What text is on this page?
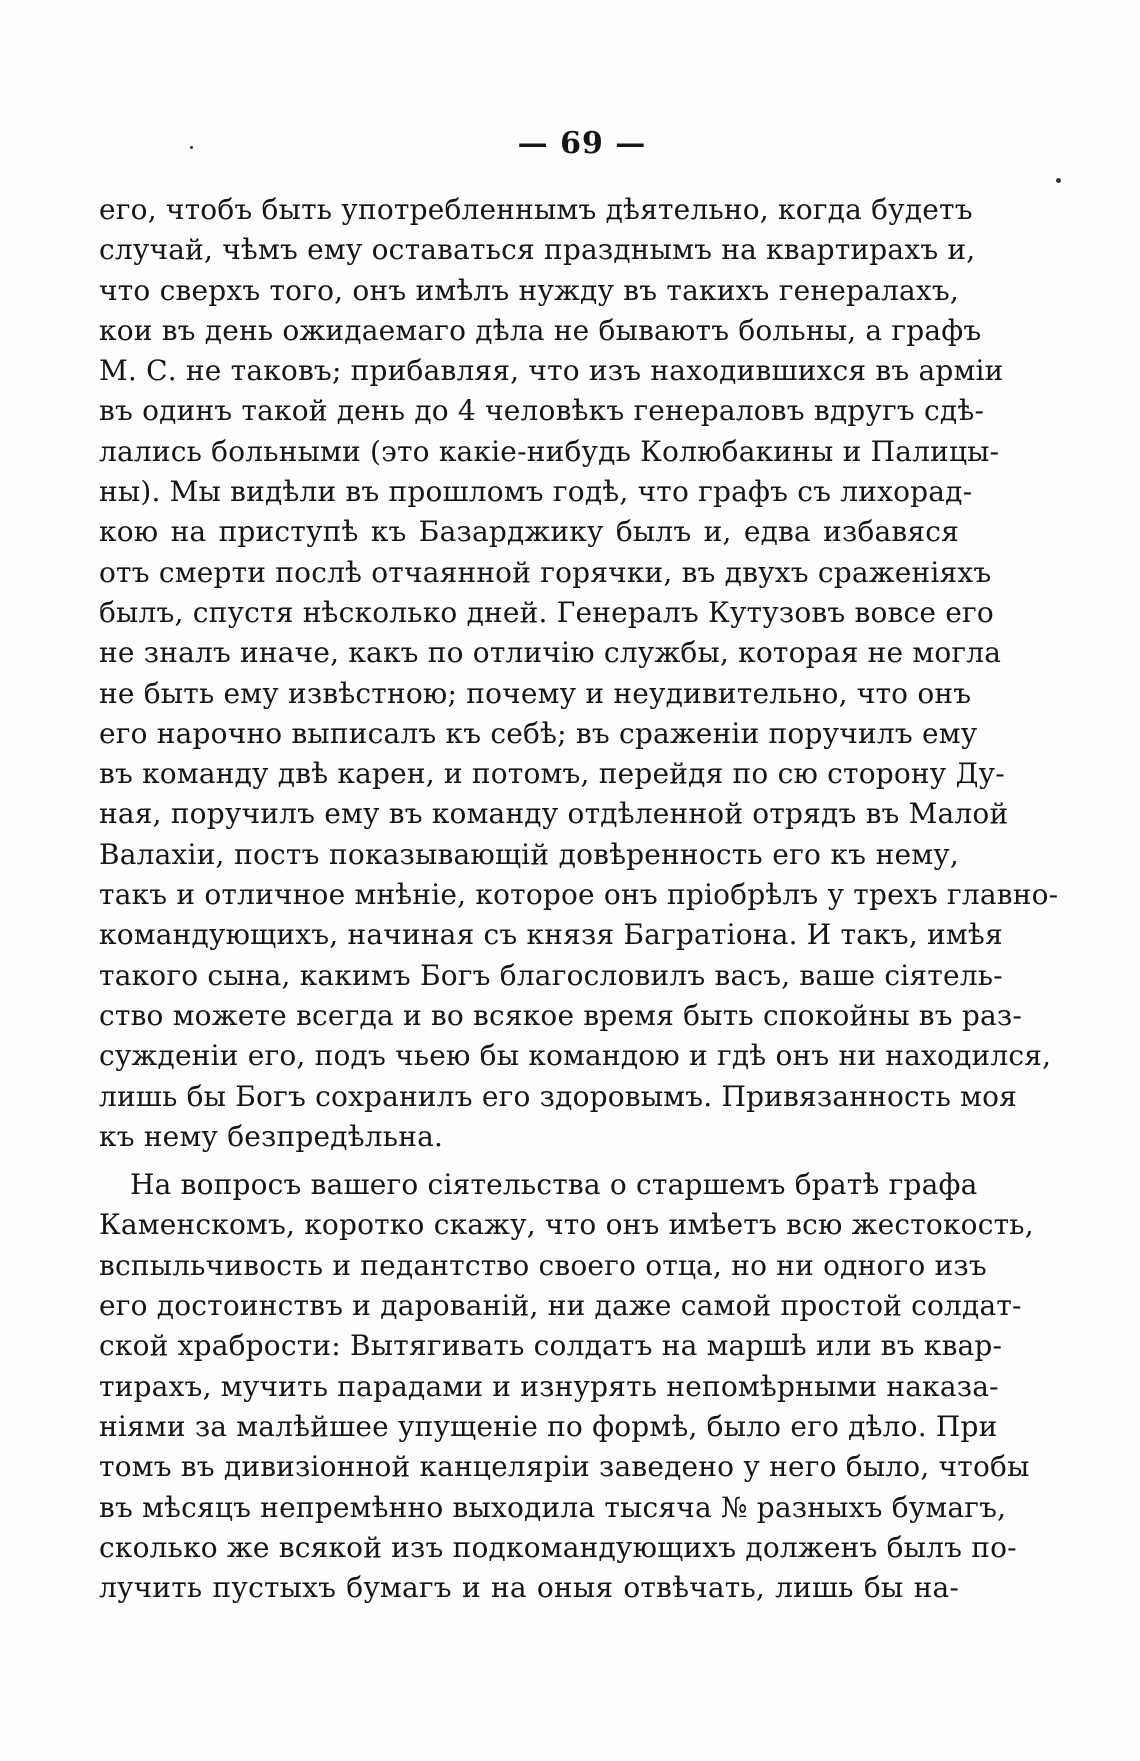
— 69 —
его, чтобъ быть употребленнымъ дѣятельно, когда будетъ
случай, чѣмъ ему оставаться празднымъ на квартирахъ и,
что сверхъ того, онъ имѣлъ нужду въ такихъ генералахъ,
кои въ день ожидаемаго дѣла не бываютъ больны, а графъ
М. С. не таковъ; прибавляя, что изъ находившихся въ арміи
въ одинъ такой день до 4 человѣкъ генераловъ вдругъ сдѣ-
лались больными (это какіе-нибудь Колюбакины и Палицы-
ны). Мы видѣли въ прошломъ годѣ, что графъ съ лихорад-
кою на приступѣ къ Базарджику былъ и, едва избавяся
отъ смерти послѣ отчаянной горячки, въ двухъ сраженіяхъ
былъ, спустя нѣсколько дней. Генералъ Кутузовъ вовсе его
не зналъ иначе, какъ по отличію службы, которая не могла
не быть ему извѣстною; почему и неудивительно, что онъ
его нарочно выписалъ къ себѣ; въ сраженіи поручилъ ему
въ команду двѣ карен, и потомъ, перейдя по сю сторону Ду-
ная, поручилъ ему въ команду отдѣленной отрядъ въ Малой
Валахіи, постъ показывающій довѣренность его къ нему,
такъ и отличное мнѣніе, которое онъ пріобрѣлъ у трехъ главно-
командующихъ, начиная съ князя Багратіона. И такъ, имѣя
такого сына, какимъ Богъ благословилъ васъ, ваше сіятель-
ство можете всегда и во всякое время быть спокойны въ раз-
сужденіи его, подъ чьею бы командою и гдѣ онъ ни находился,
лишь бы Богъ сохранилъ его здоровымъ. Привязанность моя
къ нему безпредѣльна.
На вопросъ вашего сіятельства о старшемъ братѣ графа
Каменскомъ, коротко скажу, что онъ имѣетъ всю жестокость,
вспыльчивость и педантство своего отца, но ни одного изъ
его достоинствъ и дарованій, ни даже самой простой солдат-
ской храбрости: Вытягивать солдатъ на маршѣ или въ квар-
тирахъ, мучить парадами и изнурять непомѣрными наказа-
ніями за малѣйшее упущеніе по формѣ, было его дѣло. При
томъ въ дивизіонной канцеляріи заведено у него было, чтобы
въ мѣсяцъ непремѣнно выходила тысяча № разныхъ бумагъ,
сколько же всякой изъ подкомандующихъ долженъ былъ по-
лучить пустыхъ бумагъ и на оныя отвѣчать, лишь бы на-
